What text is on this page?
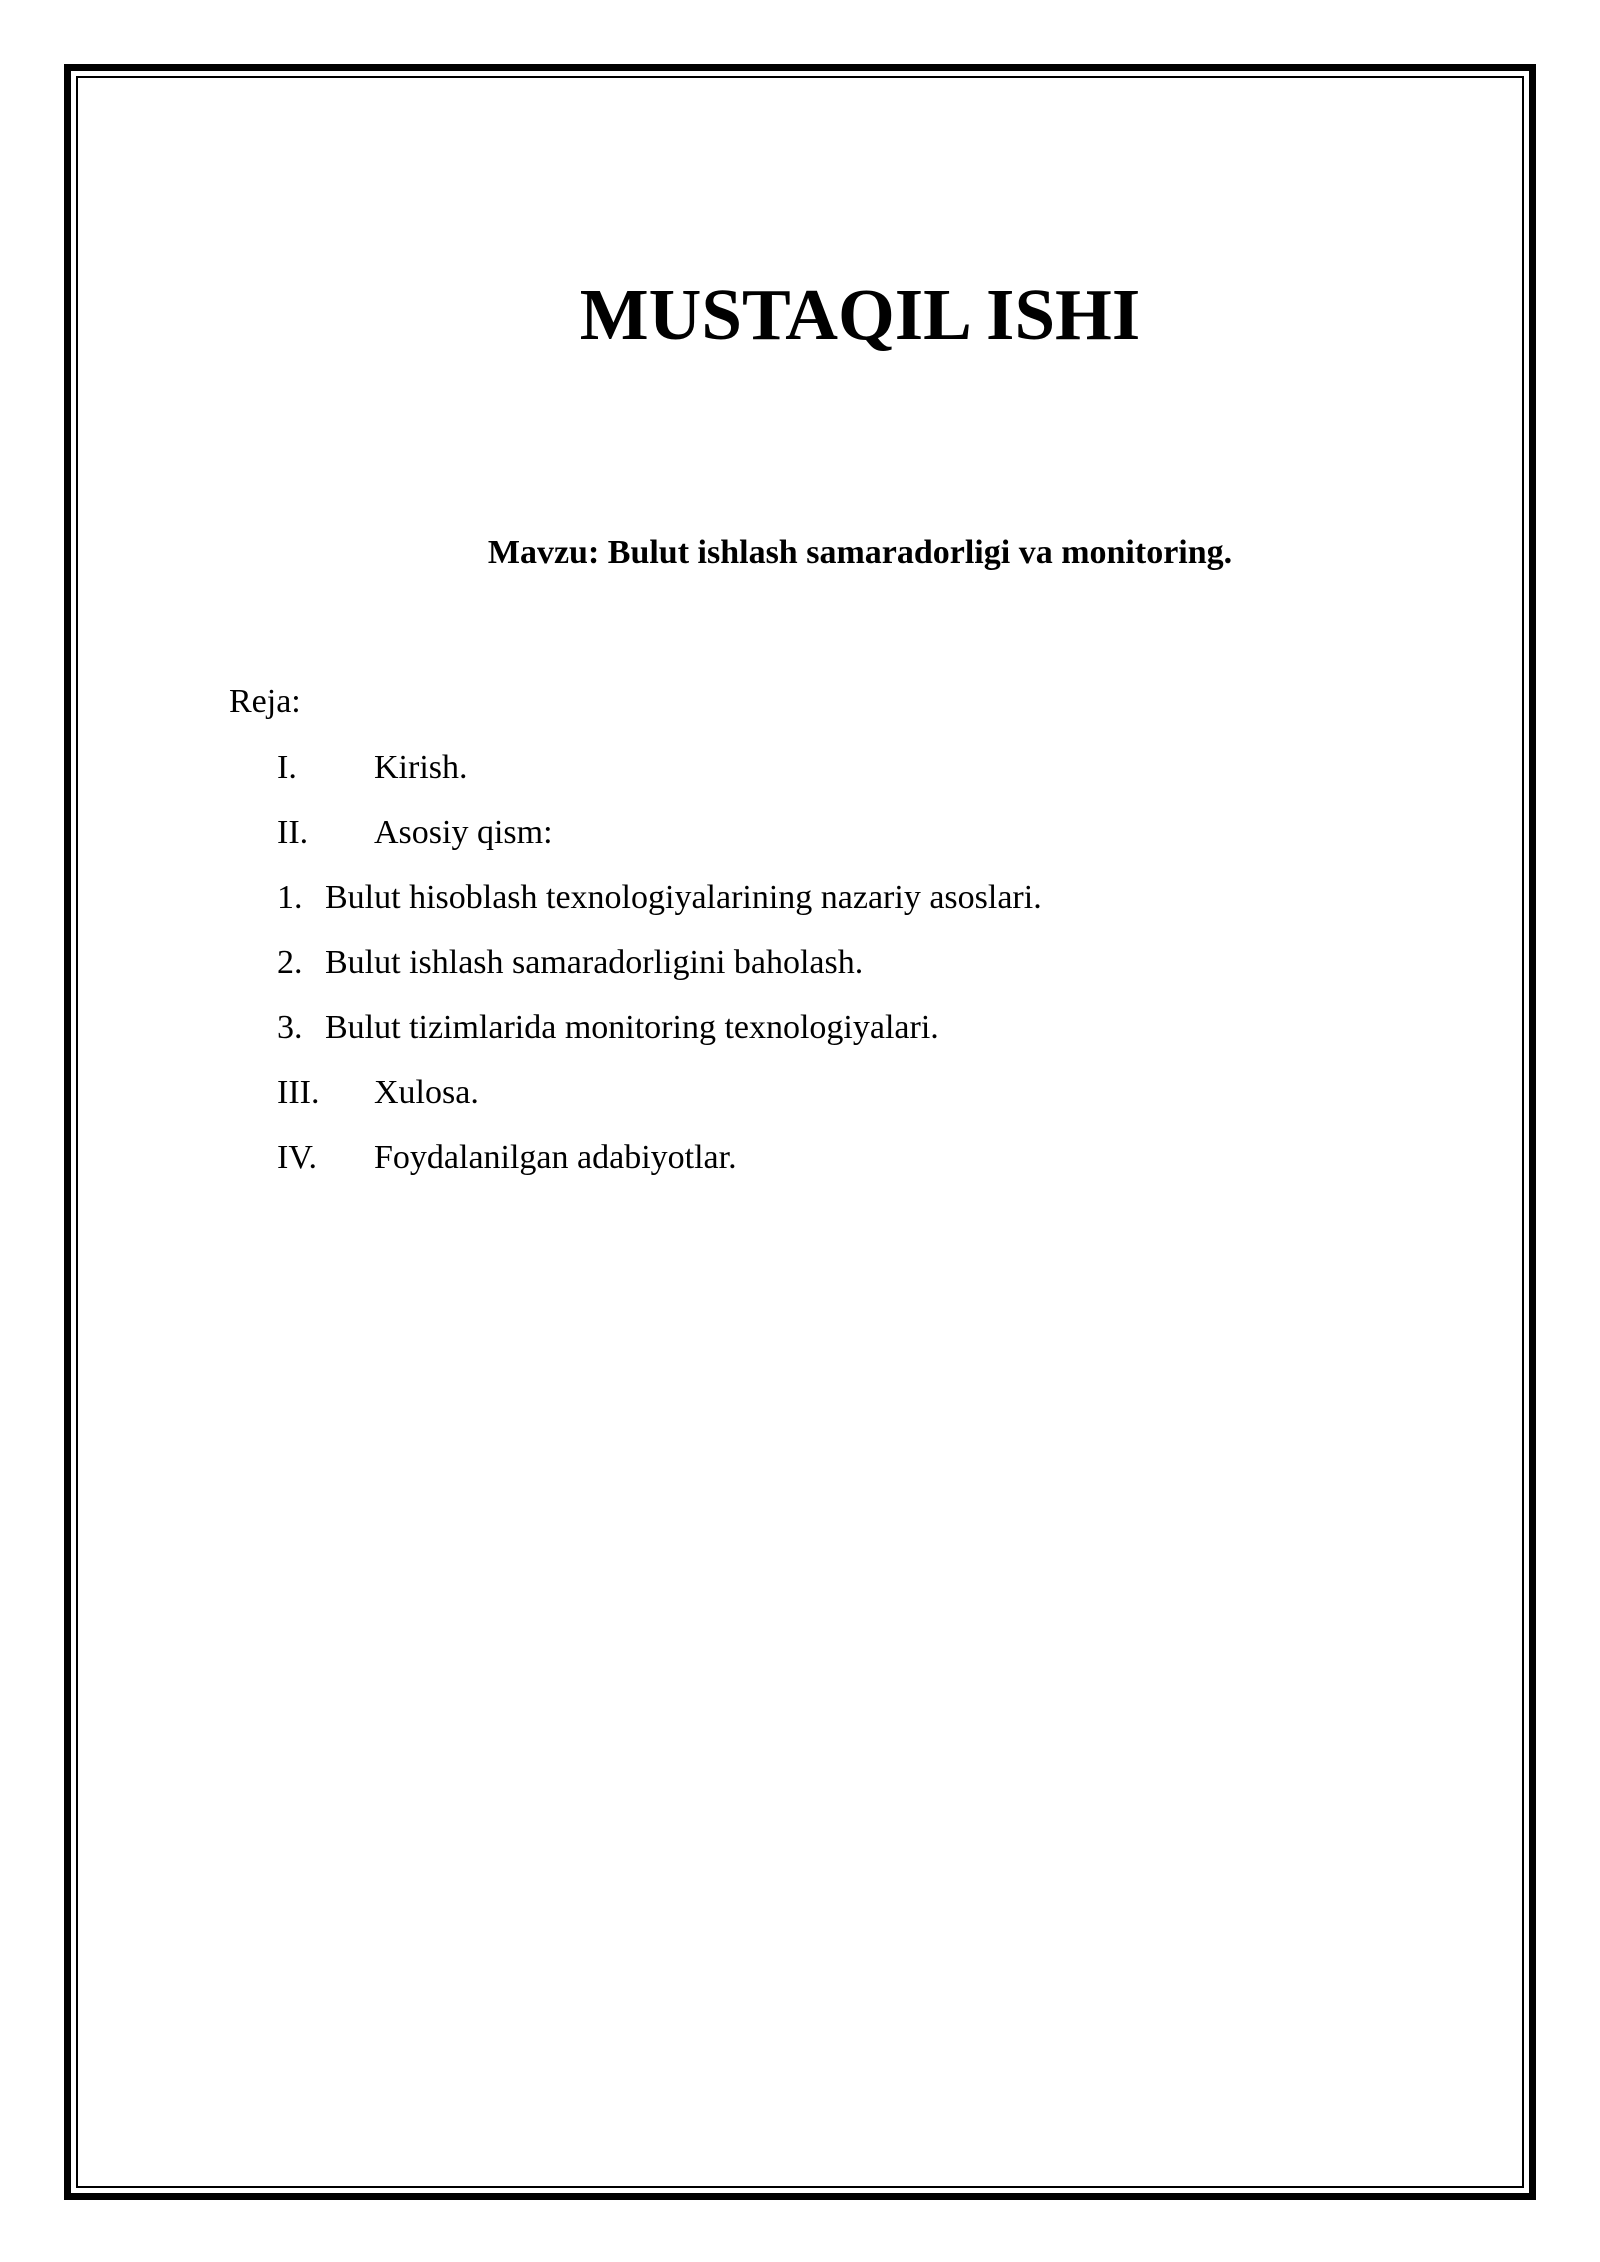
MUSTAQIL ISHI
Mavzu: Bulut ishlash samaradorligi va monitoring.
Reja:
I. Kirish.
II. Asosiy qism:
1. Bulut hisoblash texnologiyalarining nazariy asoslari.
2. Bulut ishlash samaradorligini baholash.
3. Bulut tizimlarida monitoring texnologiyalari.
III. Xulosa.
IV. Foydalanilgan adabiyotlar.
